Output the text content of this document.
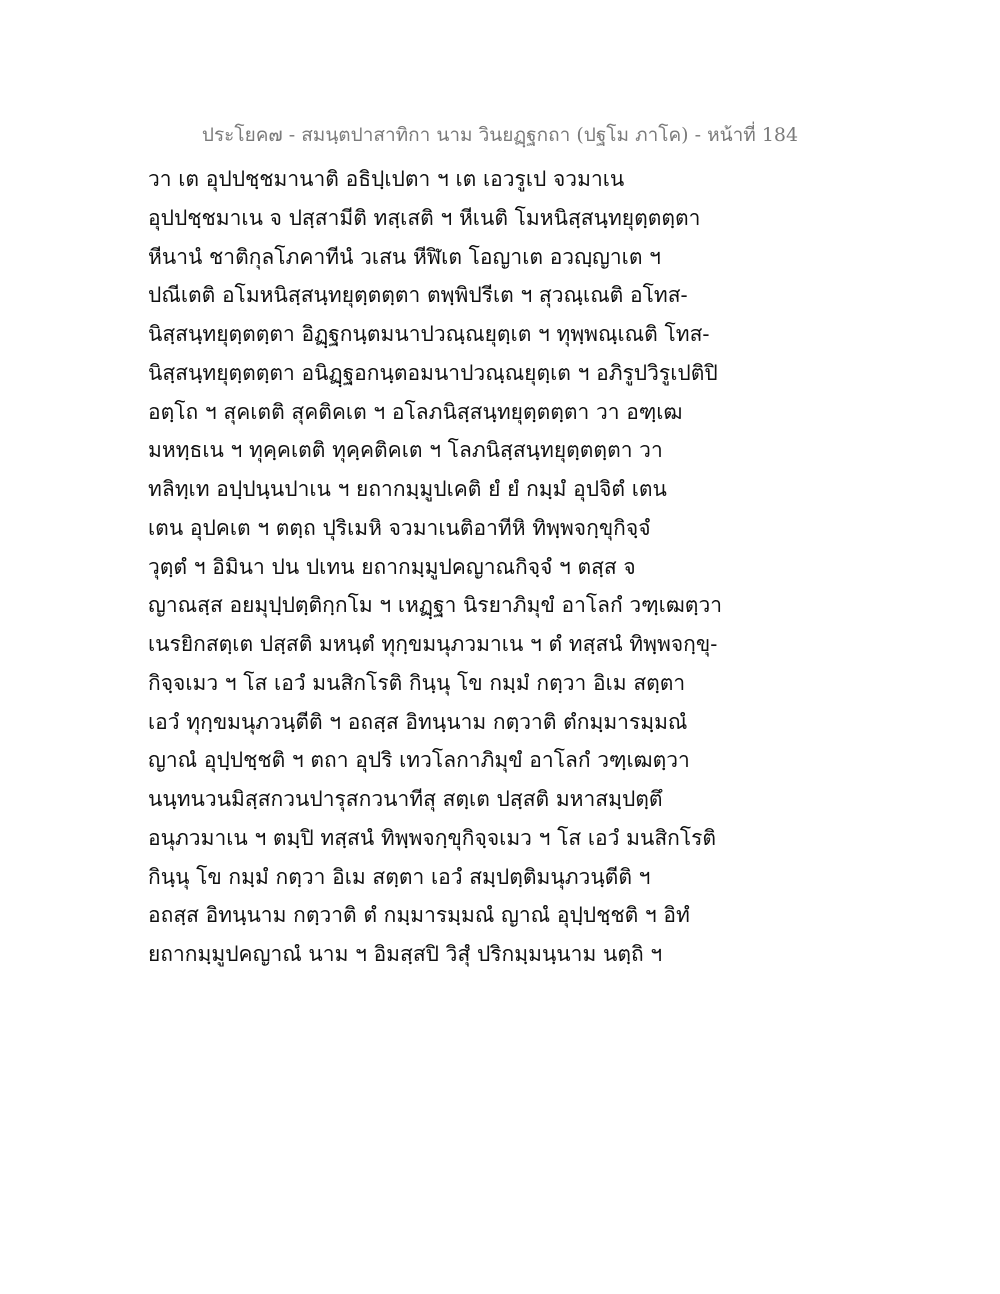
ประโยค๗ - สมนฺตปาสาทิกา นาม วินยฏฺฐกถา (ปฐโม ภาโค) - หน้าที่ 184
วา เต อุปปชฺชมานาติ อธิปฺเปตา ฯ เต เอวรูเป จวมาเน
อุปปชฺชมาเน จ ปสฺสามีติ ทสฺเสติ ฯ หีเนติ โมหนิสฺสนฺทยุตฺตตฺตา
หีนานํ ชาติกุลโภคาทีนํ วเสน หีฬิเต โอญาเต อวญฺญาเต ฯ
ปณีเตติ อโมหนิสฺสนฺทยุตฺตตฺตา ตพฺพิปรีเต ฯ สุวณฺเณติ อโทส-
นิสฺสนฺทยุตฺตตฺตา อิฏฺฐกนฺตมนาปวณฺณยุตฺเต ฯ ทุพฺพณฺเณติ โทส-
นิสฺสนฺทยุตฺตตฺตา อนิฏฺฐอกนฺตอมนาปวณฺณยุตฺเต ฯ อภิรูปวิรูเปติปิ
อตฺโถ ฯ สุคเตติ สุคติคเต ฯ อโลภนิสฺสนฺทยุตฺตตฺตา วา อฑฺเฒ
มหทฺธเน ฯ ทุคฺคเตติ ทุคฺคติคเต ฯ โลภนิสฺสนฺทยุตฺตตฺตา วา
ทลิทฺเท อปฺปนฺนปาเน ฯ ยถากมฺมูปเคติ ยํ ยํ กมฺมํ อุปจิตํ เตน
เตน อุปคเต ฯ ตตฺถ ปุริเมหิ จวมาเนติอาทีหิ ทิพฺพจกฺขุกิจฺจํ
วุตฺตํ ฯ อิมินา ปน ปเทน ยถากมฺมูปคญาณกิจฺจํ ฯ ตสฺส จ
ญาณสฺส อยมุปฺปตฺติกฺกโม ฯ เหฏฺฐา นิรยาภิมุขํ อาโลกํ วฑฺเฒตฺวา
เนรยิกสตฺเต ปสฺสติ มหนฺตํ ทุกฺขมนุภวมาเน ฯ ตํ ทสฺสนํ ทิพฺพจกฺขุ-
กิจฺจเมว ฯ โส เอวํ มนสิกโรติ กินฺนุ โข กมฺมํ กตฺวา อิเม สตฺตา
เอวํ ทุกฺขมนุภวนฺตีติ ฯ อถสฺส อิทนฺนาม กตฺวาติ ตํกมฺมารมฺมณํ
ญาณํ อุปฺปชฺชติ ฯ ตถา อุปริ เทวโลกาภิมุขํ อาโลกํ วฑฺเฒตฺวา
นนฺทนวนมิสฺสกวนปารุสกวนาทีสุ สตฺเต ปสฺสติ มหาสมฺปตฺตึ
อนุภวมาเน ฯ ตมฺปิ ทสฺสนํ ทิพฺพจกฺขุกิจฺจเมว ฯ โส เอวํ มนสิกโรติ
กินฺนุ โข กมฺมํ กตฺวา อิเม สตฺตา เอวํ สมฺปตฺติมนุภวนฺตีติ ฯ
อถสฺส อิทนฺนาม กตฺวาติ ตํ กมฺมารมฺมณํ ญาณํ อุปฺปชฺชติ ฯ อิทํ
ยถากมฺมูปคญาณํ นาม ฯ อิมสฺสปิ วิสุํ ปริกมฺมนฺนาม นตฺถิ ฯ
